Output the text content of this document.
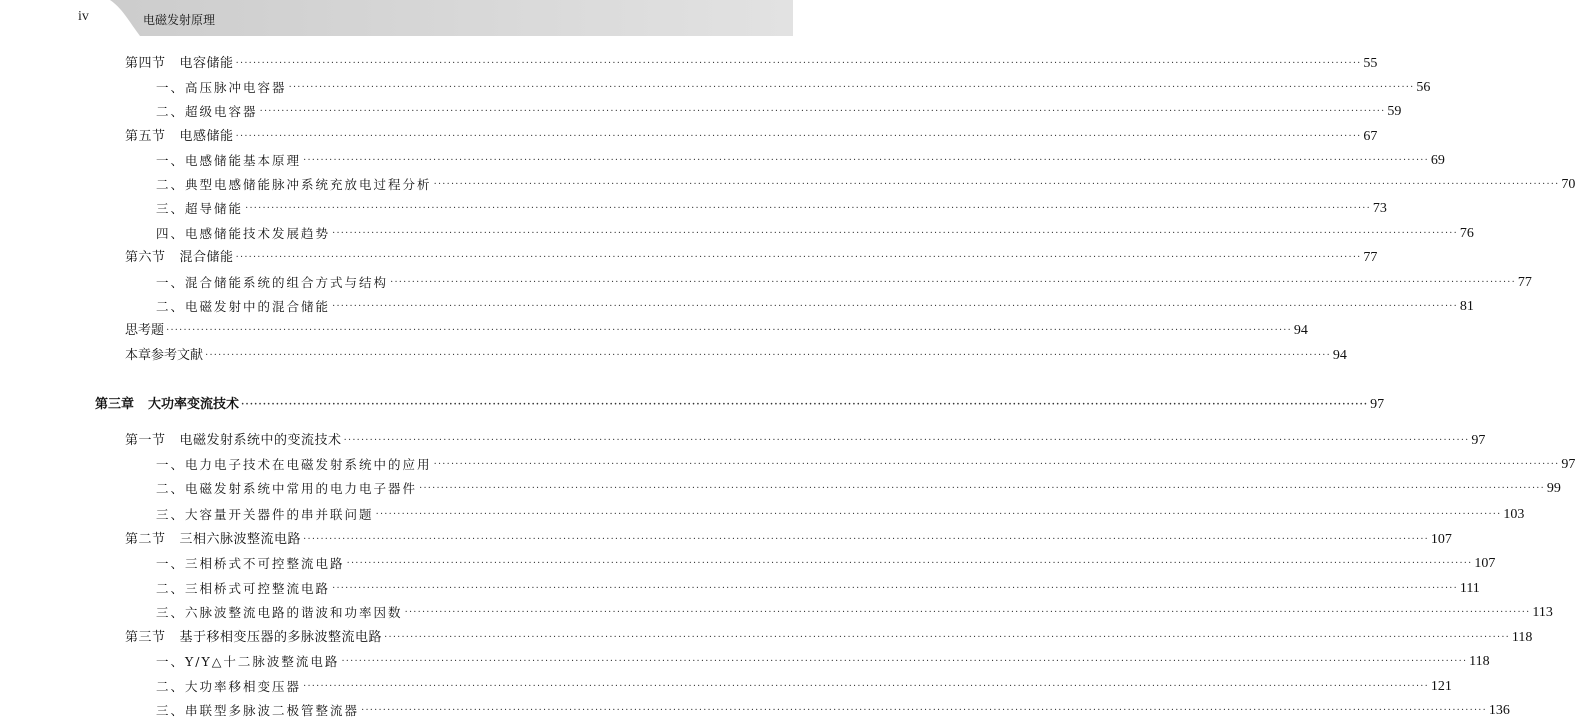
iv	电磁发射原理
第四节 电容储能 ···································································································································································································································································· 55
一、高压脉冲电容器 ···································································································································································································································································· 56
二、超级电容器 ···································································································································································································································································· 59
第五节 电感储能 ···································································································································································································································································· 67
一、电感储能基本原理 ···································································································································································································································································· 69
二、典型电感储能脉冲系统充放电过程分析 ···································································································································································································································································· 70
三、超导储能 ···································································································································································································································································· 73
四、电感储能技术发展趋势 ···································································································································································································································································· 76
第六节 混合储能 ···································································································································································································································································· 77
一、混合储能系统的组合方式与结构 ···································································································································································································································································· 77
二、电磁发射中的混合储能 ···································································································································································································································································· 81
思考题 ···································································································································································································································································· 94
本章参考文献 ···································································································································································································································································· 94
第三章 大功率变流技术 ···································································································································································································································································· 97
第一节 电磁发射系统中的变流技术 ···································································································································································································································································· 97
一、电力电子技术在电磁发射系统中的应用 ···································································································································································································································································· 97
二、电磁发射系统中常用的电力电子器件 ···································································································································································································································································· 99
三、大容量开关器件的串并联问题 ···································································································································································································································································· 103
第二节 三相六脉波整流电路 ···································································································································································································································································· 107
一、三相桥式不可控整流电路 ···································································································································································································································································· 107
二、三相桥式可控整流电路 ···································································································································································································································································· 111
三、六脉波整流电路的谐波和功率因数 ···································································································································································································································································· 113
第三节 基于移相变压器的多脉波整流电路 ···································································································································································································································································· 118
一、Y/Y△十二脉波整流电路 ···································································································································································································································································· 118
二、大功率移相变压器 ···································································································································································································································································· 121
三、串联型多脉波二极管整流器 ···································································································································································································································································· 136
